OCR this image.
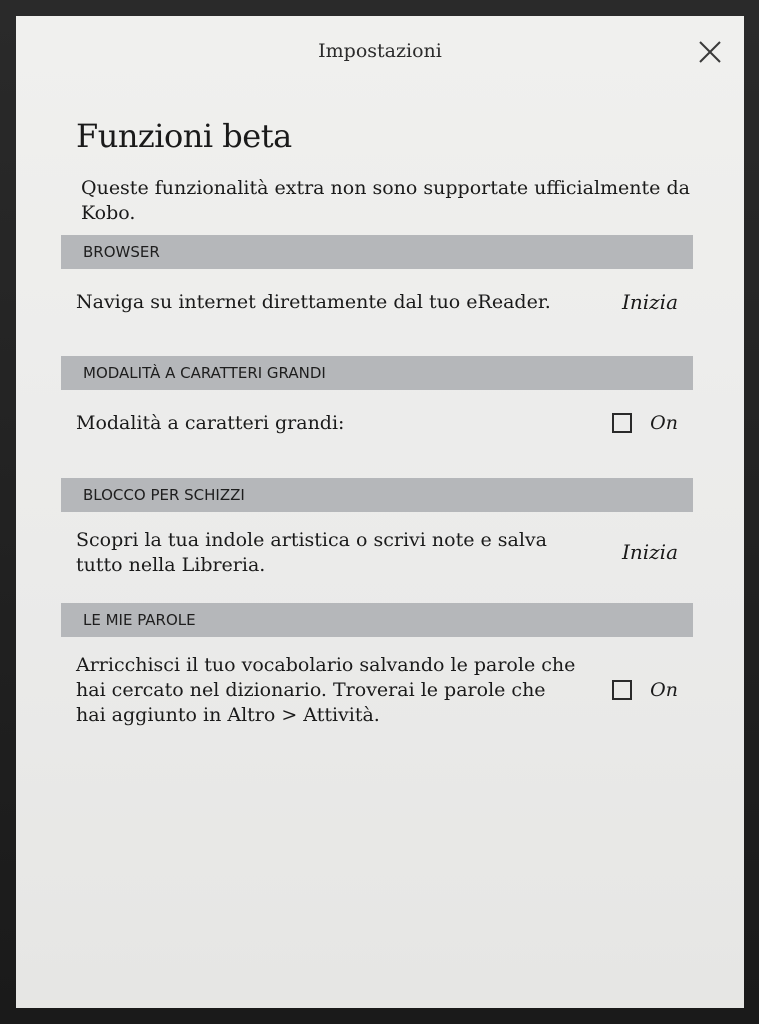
Impostazioni
Funzioni beta
Queste funzionalità extra non sono supportate ufficialmente da Kobo.
BROWSER
Naviga su internet direttamente dal tuo eReader.	Inizia
MODALITÀ A CARATTERI GRANDI
Modalità a caratteri grandi:	On
BLOCCO PER SCHIZZI
Scopri la tua indole artistica o scrivi note e salva tutto nella Libreria.
Inizia
LE MIE PAROLE
Arricchisci il tuo vocabolario salvando le parole che hai cercato nel dizionario. Troverai le parole che hai aggiunto in Altro > Attività.
On
